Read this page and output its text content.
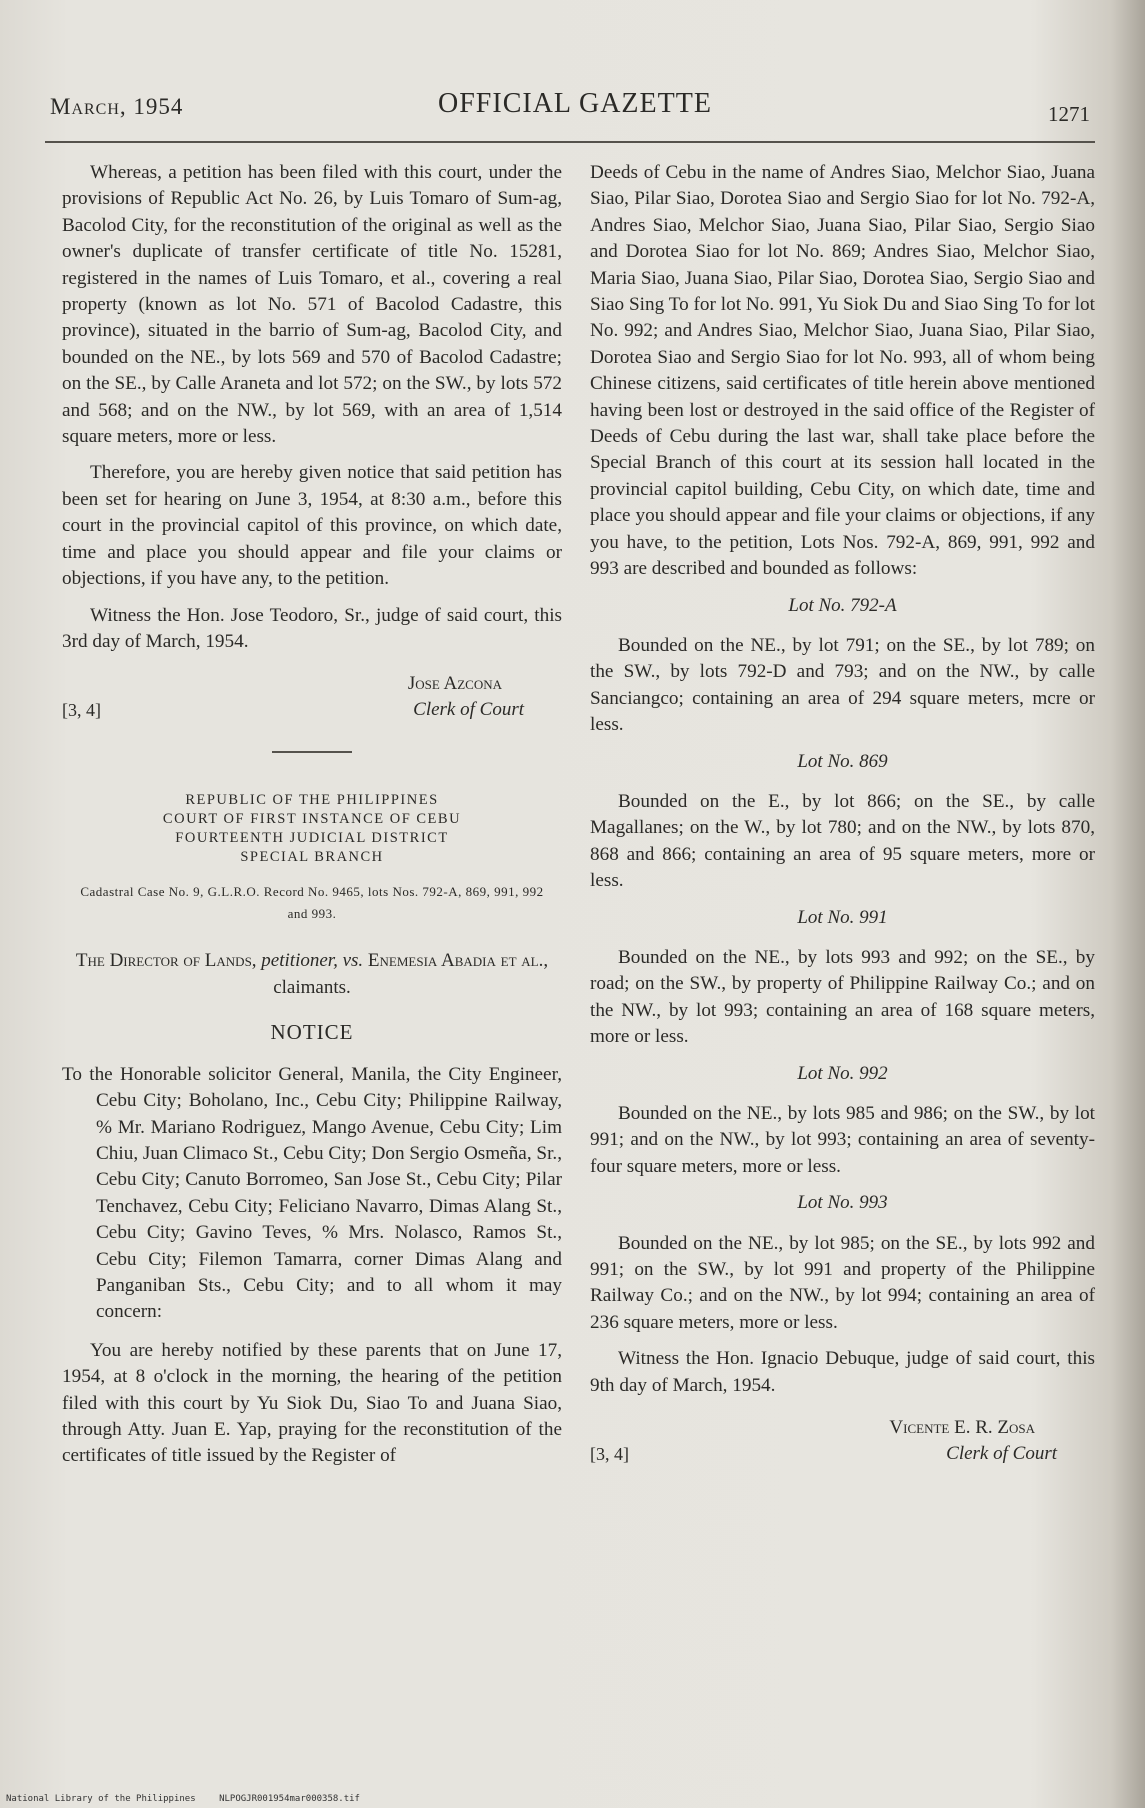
March, 1954	OFFICIAL GAZETTE	1271

Whereas, a petition has been filed with this court, under the provisions of Republic Act No. 26, by Luis Tomaro of Sum-ag, Bacolod City, for the reconstitution of the original as well as the owner's duplicate of transfer certificate of title No. 15281, registered in the names of Luis Tomaro, et al., covering a real property (known as lot No. 571 of Bacolod Cadastre, this province), situated in the barrio of Sum-ag, Bacolod City, and bounded on the NE., by lots 569 and 570 of Bacolod Cadastre; on the SE., by Calle Araneta and lot 572; on the SW., by lots 572 and 568; and on the NW., by lot 569, with an area of 1,514 square meters, more or less.

Therefore, you are hereby given notice that said petition has been set for hearing on June 3, 1954, at 8:30 a.m., before this court in the provincial capitol of this province, on which date, time and place you should appear and file your claims or objections, if you have any, to the petition.

Witness the Hon. Jose Teodoro, Sr., judge of said court, this 3rd day of March, 1954.

Jose Azcona
Clerk of Court
[3, 4]
REPUBLIC OF THE PHILIPPINES
COURT OF FIRST INSTANCE OF CEBU
FOURTEENTH JUDICIAL DISTRICT
SPECIAL BRANCH
Cadastral Case No. 9, G.L.R.O. Record No. 9465, lots Nos. 792-A, 869, 991, 992 and 993.
The Director of Lands, petitioner, vs. Enemesia Abadia et al., claimants.
NOTICE
To the Honorable solicitor General, Manila, the City Engineer, Cebu City; Boholano, Inc., Cebu City; Philippine Railway, % Mr. Mariano Rodriguez, Mango Avenue, Cebu City; Lim Chiu, Juan Climaco St., Cebu City; Don Sergio Osmeña, Sr., Cebu City; Canuto Borromeo, San Jose St., Cebu City; Pilar Tenchavez, Cebu City; Feliciano Navarro, Dimas Alang St., Cebu City; Gavino Teves, % Mrs. Nolasco, Ramos St., Cebu City; Filemon Tamarra, corner Dimas Alang and Panganiban Sts., Cebu City; and to all whom it may concern:

You are hereby notified by these parents that on June 17, 1954, at 8 o'clock in the morning, the hearing of the petition filed with this court by Yu Siok Du, Siao To and Juana Siao, through Atty. Juan E. Yap, praying for the reconstitution of the certificates of title issued by the Register of

Deeds of Cebu in the name of Andres Siao, Melchor Siao, Juana Siao, Pilar Siao, Dorotea Siao and Sergio Siao for lot No. 792-A, Andres Siao, Melchor Siao, Juana Siao, Pilar Siao, Sergio Siao and Dorotea Siao for lot No. 869; Andres Siao, Melchor Siao, Maria Siao, Juana Siao, Pilar Siao, Dorotea Siao, Sergio Siao and Siao Sing To for lot No. 991, Yu Siok Du and Siao Sing To for lot No. 992; and Andres Siao, Melchor Siao, Juana Siao, Pilar Siao, Dorotea Siao and Sergio Siao for lot No. 993, all of whom being Chinese citizens, said certificates of title herein above mentioned having been lost or destroyed in the said office of the Register of Deeds of Cebu during the last war, shall take place before the Special Branch of this court at its session hall located in the provincial capitol building, Cebu City, on which date, time and place you should appear and file your claims or objections, if any you have, to the petition, Lots Nos. 792-A, 869, 991, 992 and 993 are described and bounded as follows:

Lot No. 792-A

Bounded on the NE., by lot 791; on the SE., by lot 789; on the SW., by lots 792-D and 793; and on the NW., by calle Sanciangco; containing an area of 294 square meters, mcre or less.

Lot No. 869

Bounded on the E., by lot 866; on the SE., by calle Magallanes; on the W., by lot 780; and on the NW., by lots 870, 868 and 866; containing an area of 95 square meters, more or less.

Lot No. 991

Bounded on the NE., by lots 993 and 992; on the SE., by road; on the SW., by property of Philippine Railway Co.; and on the NW., by lot 993; containing an area of 168 square meters, more or less.

Lot No. 992

Bounded on the NE., by lots 985 and 986; on the SW., by lot 991; and on the NW., by lot 993; containing an area of seventy-four square meters, more or less.

Lot No. 993

Bounded on the NE., by lot 985; on the SE., by lots 992 and 991; on the SW., by lot 991 and property of the Philippine Railway Co.; and on the NW., by lot 994; containing an area of 236 square meters, more or less.

Witness the Hon. Ignacio Debuque, judge of said court, this 9th day of March, 1954.

Vicente E. R. Zosa
Clerk of Court
[3, 4]
National Library of the Philippines	NLPOGJR001954mar000358.tif
